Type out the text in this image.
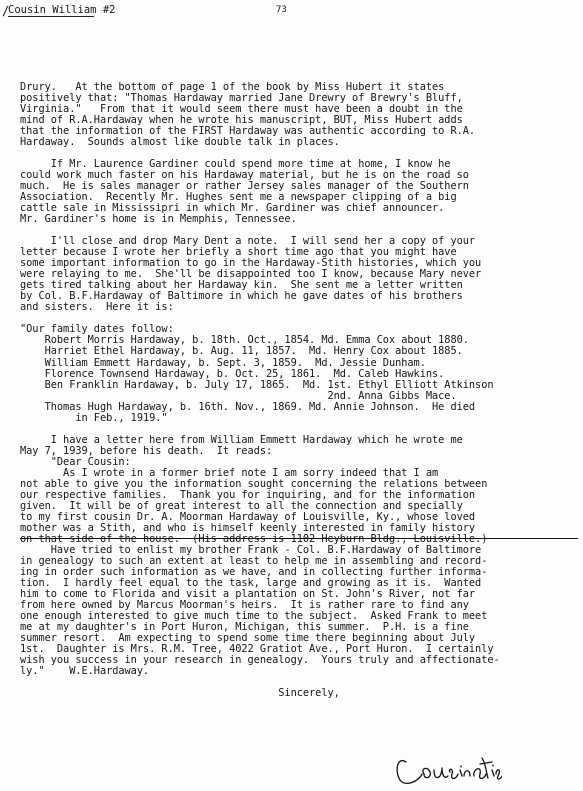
/
Cousin William #2	73
Drury.   At the bottom of page 1 of the book by Miss Hubert it states
positively that: "Thomas Hardaway married Jane Drewry of Brewry's Bluff,
Virginia."   From that it would seem there must have been a doubt in the
mind of R.A.Hardaway when he wrote his manuscript, BUT, Miss Hubert adds
that the information of the FIRST Hardaway was authentic according to R.A.
Hardaway.  Sounds almost like double talk in places.
If Mr. Laurence Gardiner could spend more time at home, I know he
could work much faster on his Hardaway material, but he is on the road so
much.  He is sales manager or rather Jersey sales manager of the Southern
Association.  Recently Mr. Hughes sent me a newspaper clipping of a big
cattle sale in Mississipri in which Mr. Gardiner was chief announcer.
Mr. Gardiner's home is in Memphis, Tennessee.
I'll close and drop Mary Dent a note.  I will send her a copy of your
letter because I wrote her briefly a short time ago that you might have
some important information to go in the Hardaway-Stith histories, which you
were relaying to me.  She'll be disappointed too I know, because Mary never
gets tired talking about her Hardaway kin.  She sent me a letter written
by Col. B.F.Hardaway of Baltimore in which he gave dates of his brothers
and sisters.  Here it is:
"Our family dates follow:
Robert Morris Hardaway, b. 18th. Oct., 1854. Md. Emma Cox about 1880.
Harriet Ethel Hardaway, b. Aug. 11, 1857.  Md. Henry Cox about 1885.
William Emmett Hardaway, b. Sept. 3, 1859.  Md. Jessie Dunham.
Florence Townsend Hardaway, b. Oct. 25, 1861.  Md. Caleb Hawkins.
Ben Franklin Hardaway, b. July 17, 1865.  Md. 1st. Ethyl Elliott Atkinson
2nd. Anna Gibbs Mace.
Thomas Hugh Hardaway, b. 16th. Nov., 1869. Md. Annie Johnson.  He died
in Feb., 1919."
I have a letter here from William Emmett Hardaway which he wrote me
May 7, 1939, before his death.  It reads:
"Dear Cousin:
As I wrote in a former brief note I am sorry indeed that I am
not able to give you the information sought concerning the relations between
our respective families.  Thank you for inquiring, and for the information
given.  It will be of great interest to all the connection and specially
to my first cousin Dr. A. Moorman Hardaway of Louisville, Ky., whose loved
mother was a Stith, and who is himself keenly interested in family history
on that side of the house.  (His address is 1102 Heyburn Bldg., Louisville.)
Have tried to enlist my brother Frank - Col. B.F.Hardaway of Baltimore
in genealogy to such an extent at least to help me in assembling and record-
ing in order such information as we have, and in collecting further informa-
tion.  I hardly feel equal to the task, large and growing as it is.  Wanted
him to come to Florida and visit a plantation on St. John's River, not far
from here owned by Marcus Moorman's heirs.  It is rather rare to find any
one enough interested to give much time to the subject.  Asked Frank to meet
me at my daughter's in Port Huron, Michigan, this summer.  P.H. is a fine
summer resort.  Am expecting to spend some time there beginning about July
1st.  Daughter is Mrs. R.M. Tree, 4022 Gratiot Ave., Port Huron.  I certainly
wish you success in your research in genealogy.  Yours truly and affectionate-
ly."    W.E.Hardaway.
Sincerely,
